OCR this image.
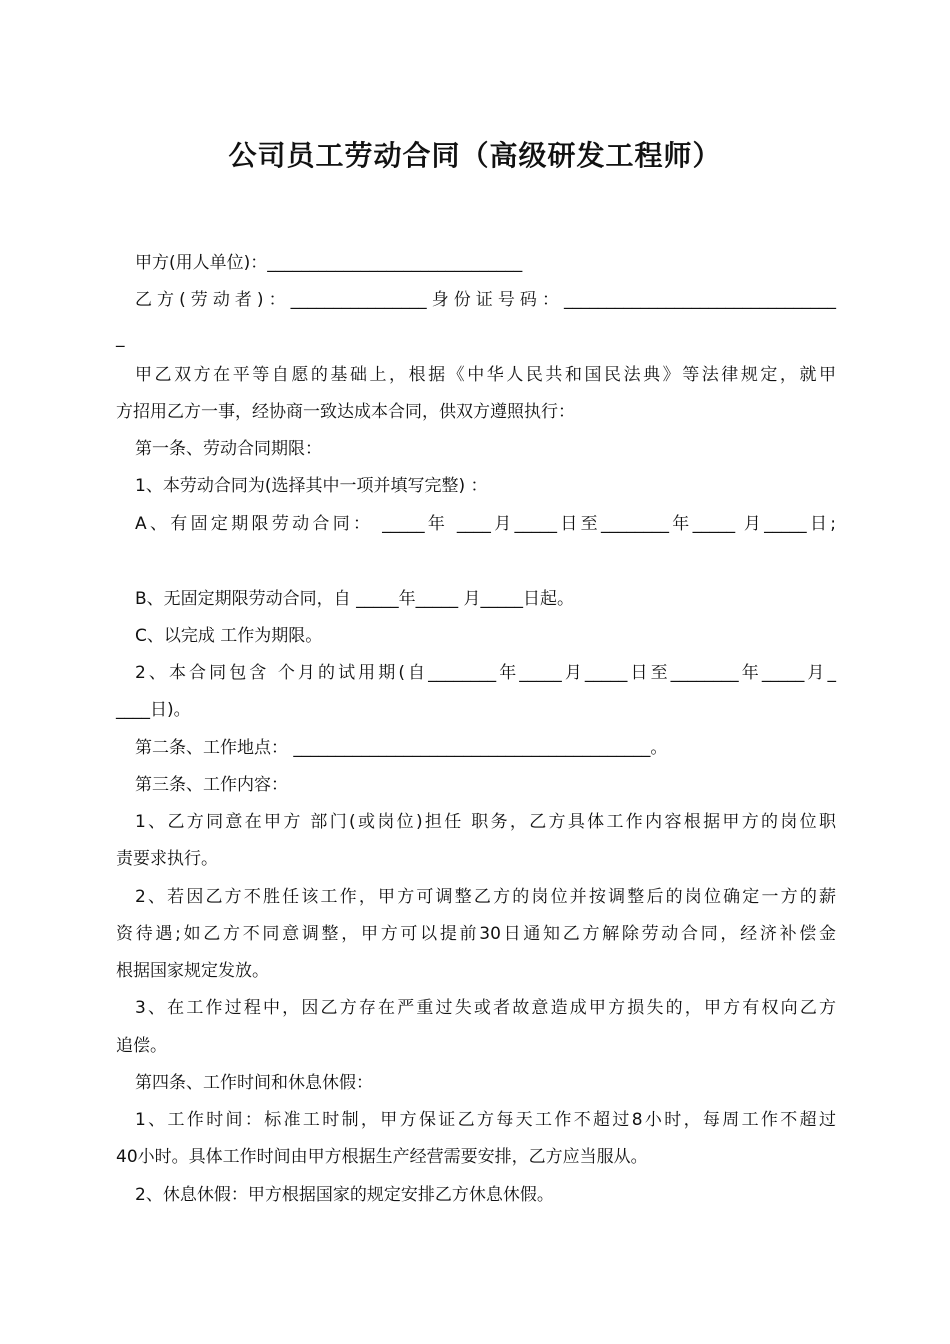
公司员工劳动合同（高级研发工程师）
甲方(用人单位)：______________________________
乙方(劳动者)：________________身份证号码：________________________________
_
甲乙双方在平等自愿的基础上，根据《中华人民共和国民法典》等法律规定，就甲
方招用乙方一事，经协商一致达成本合同，供双方遵照执行：
第一条、劳动合同期限：
1、本劳动合同为(选择其中一项并填写完整) ：
A、有固定期限劳动合同： _____年 ____月_____日至________年_____ 月_____日;
B、无固定期限劳动合同，自 _____年_____ 月_____日起。
C、以完成 工作为期限。
2、本合同包含 个月的试用期(自________年_____月_____日至________年_____月_
____日)。
第二条、工作地点： __________________________________________。
第三条、工作内容：
1、乙方同意在甲方 部门(或岗位)担任 职务，乙方具体工作内容根据甲方的岗位职
责要求执行。
2、若因乙方不胜任该工作，甲方可调整乙方的岗位并按调整后的岗位确定一方的薪
资待遇;如乙方不同意调整，甲方可以提前30日通知乙方解除劳动合同，经济补偿金
根据国家规定发放。
3、在工作过程中，因乙方存在严重过失或者故意造成甲方损失的，甲方有权向乙方
追偿。
第四条、工作时间和休息休假：
1、工作时间：标准工时制，甲方保证乙方每天工作不超过8小时，每周工作不超过
40小时。具体工作时间由甲方根据生产经营需要安排，乙方应当服从。
2、休息休假：甲方根据国家的规定安排乙方休息休假。
